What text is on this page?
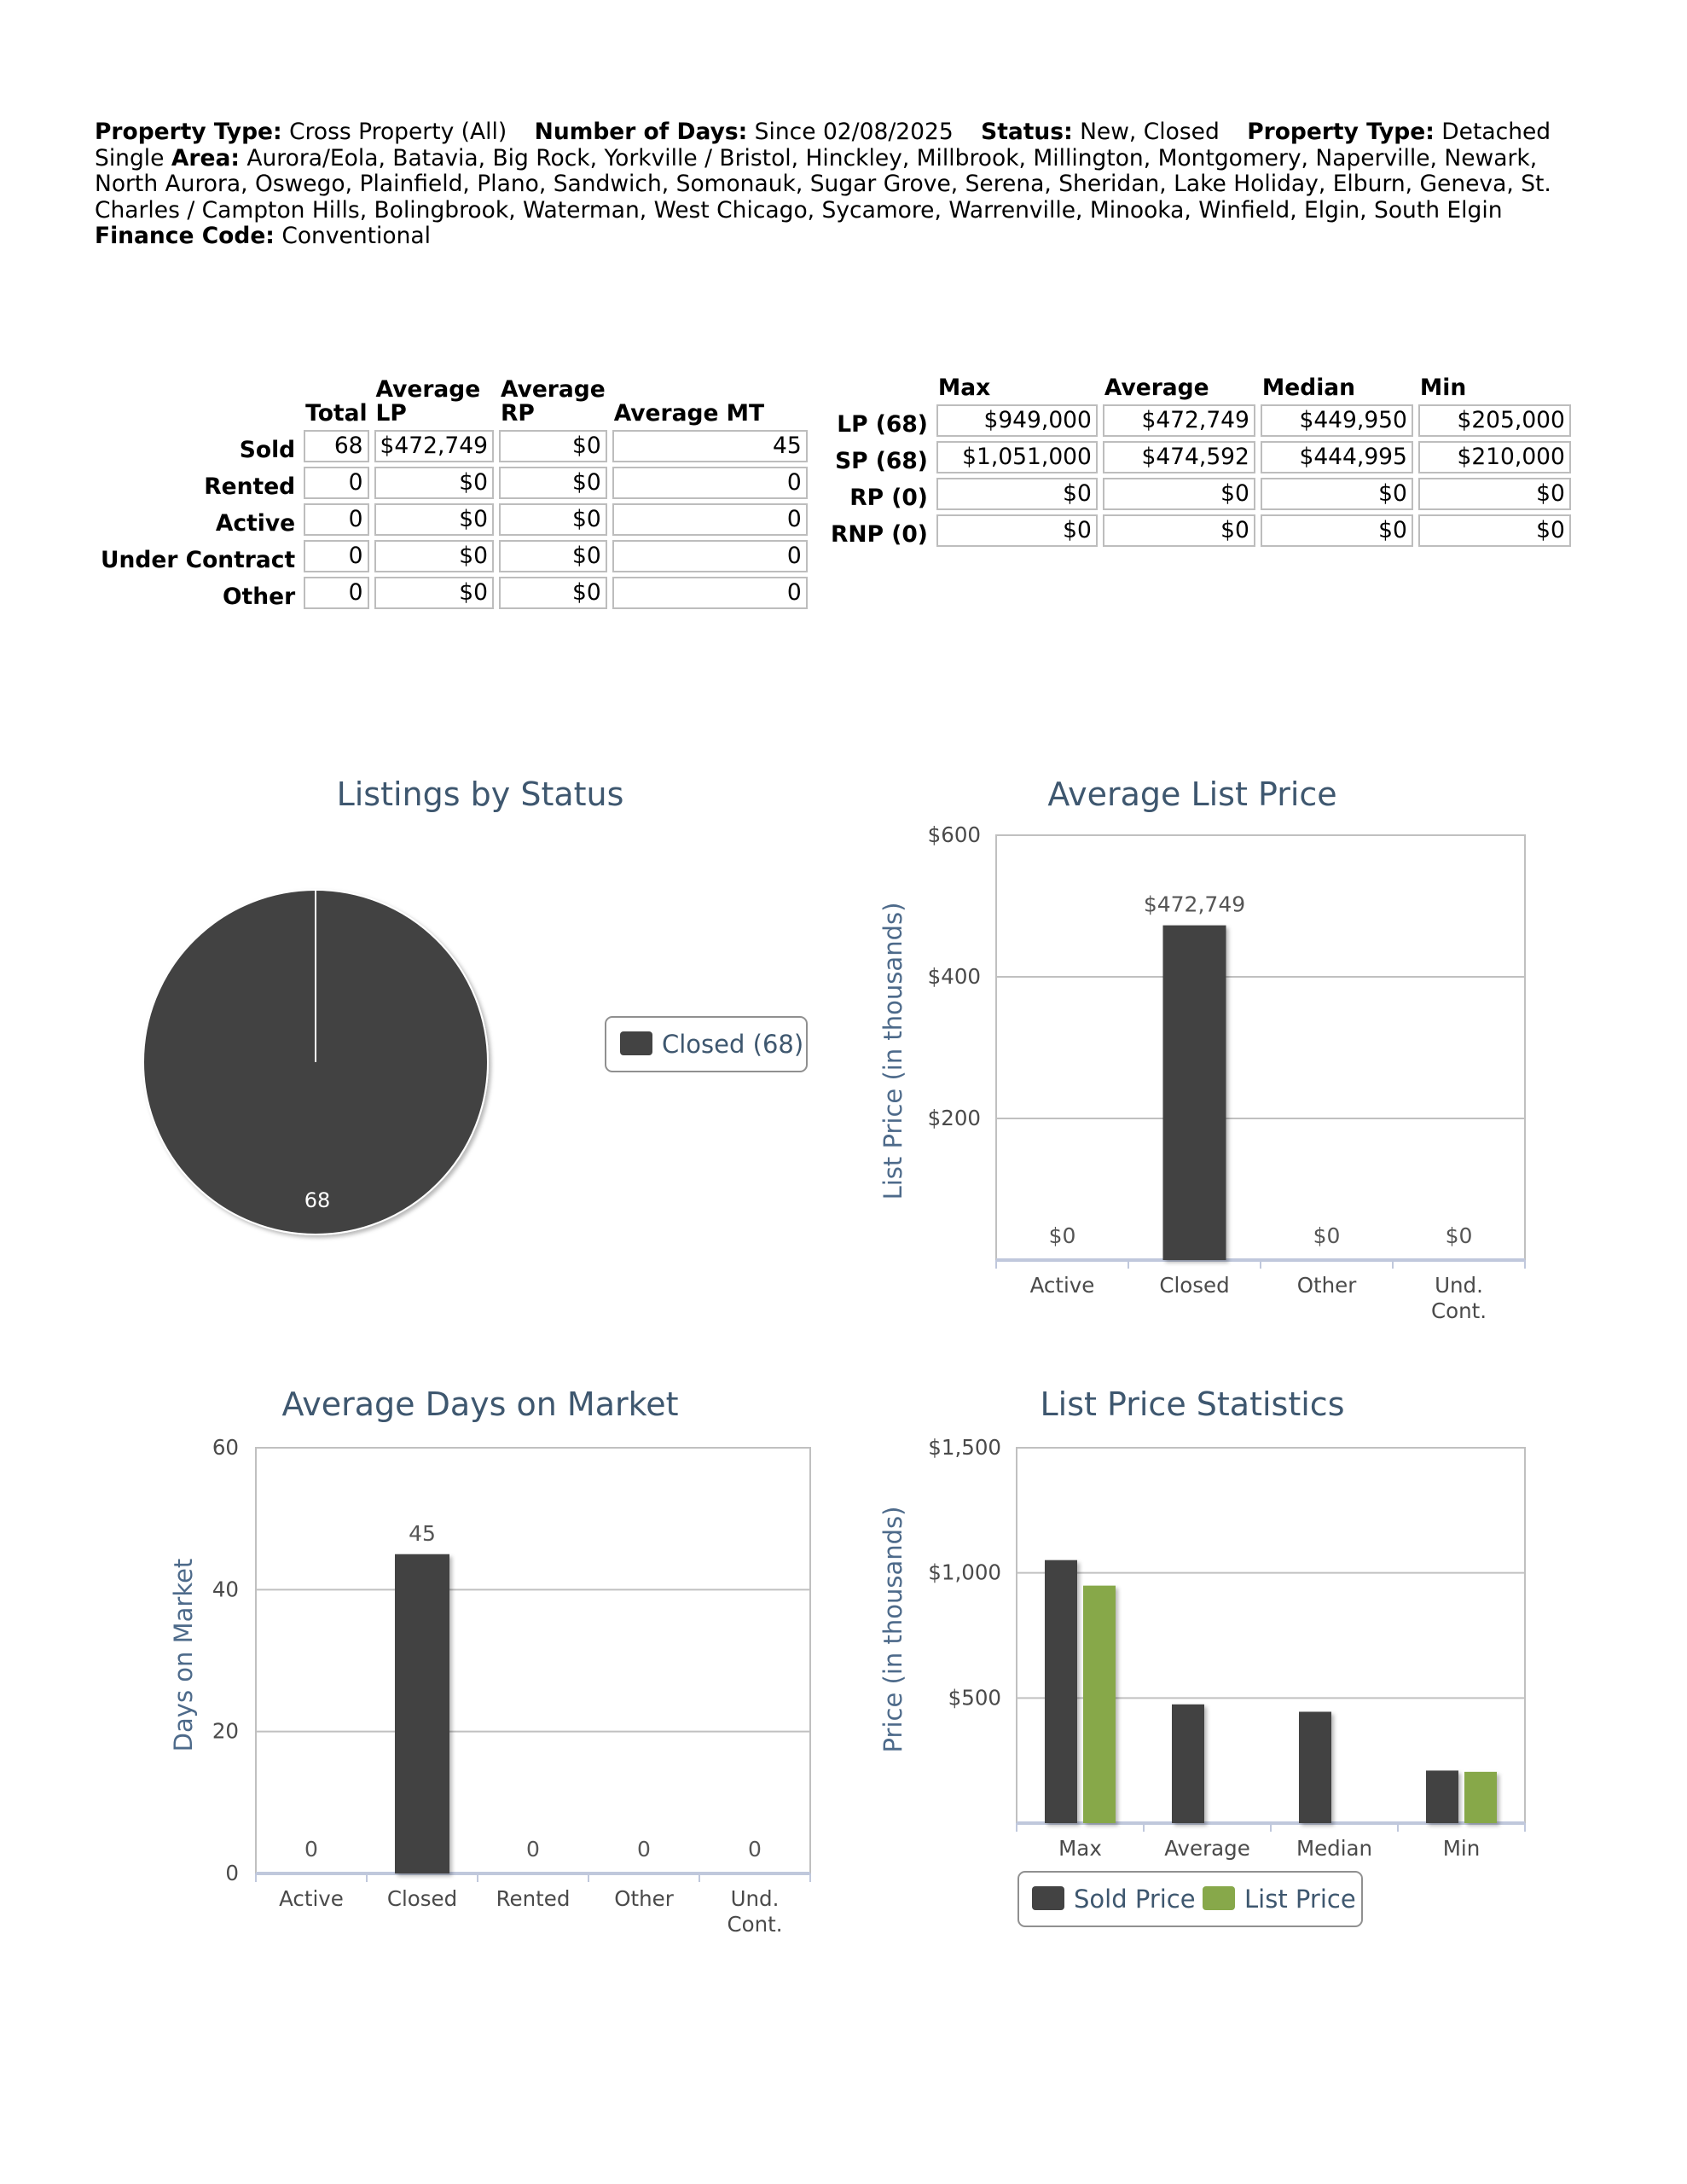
Property Type: Cross Property (All) Number of Days: Since 02/08/2025 Status: New, Closed Property Type: Detached Single Area: Aurora/Eola, Batavia, Big Rock, Yorkville / Bristol, Hinckley, Millbrook, Millington, Montgomery, Naperville, Newark, North Aurora, Oswego, Plainfield, Plano, Sandwich, Somonauk, Sugar Grove, Serena, Sheridan, Lake Holiday, Elburn, Geneva, St. Charles / Campton Hills, Bolingbrook, Waterman, West Chicago, Sycamore, Warrenville, Minooka, Winfield, Elgin, South Elgin Finance Code: Conventional
	Total	Average LP	Average RP	Average MT
Sold	68	$472,749	$0	45
Rented	0	$0	$0	0
Active	0	$0	$0	0
Under Contract	0	$0	$0	0
Other	0	$0	$0	0
	Max	Average	Median	Min
LP (68)	$949,000	$472,749	$449,950	$205,000
SP (68)	$1,051,000	$474,592	$444,995	$210,000
RP (0)	$0	$0	$0	$0
RNP (0)	$0	$0	$0	$0
Listings by Status	Average List Price
Average Days on Market	List Price Statistics
List Price (in thousands)
Days on Market	Price (in thousands)
68
Closed (68)
$200
$400
$600
Active
$0
Closed
$472,749
Other
$0
Und. Cont.
$0
0
20
40
60
Active
0
Closed
45
Rented
0
Other
0
Und. Cont.
0
$500
$1,000
$1,500
Max	Average Median	Min
Sold Price List Price
